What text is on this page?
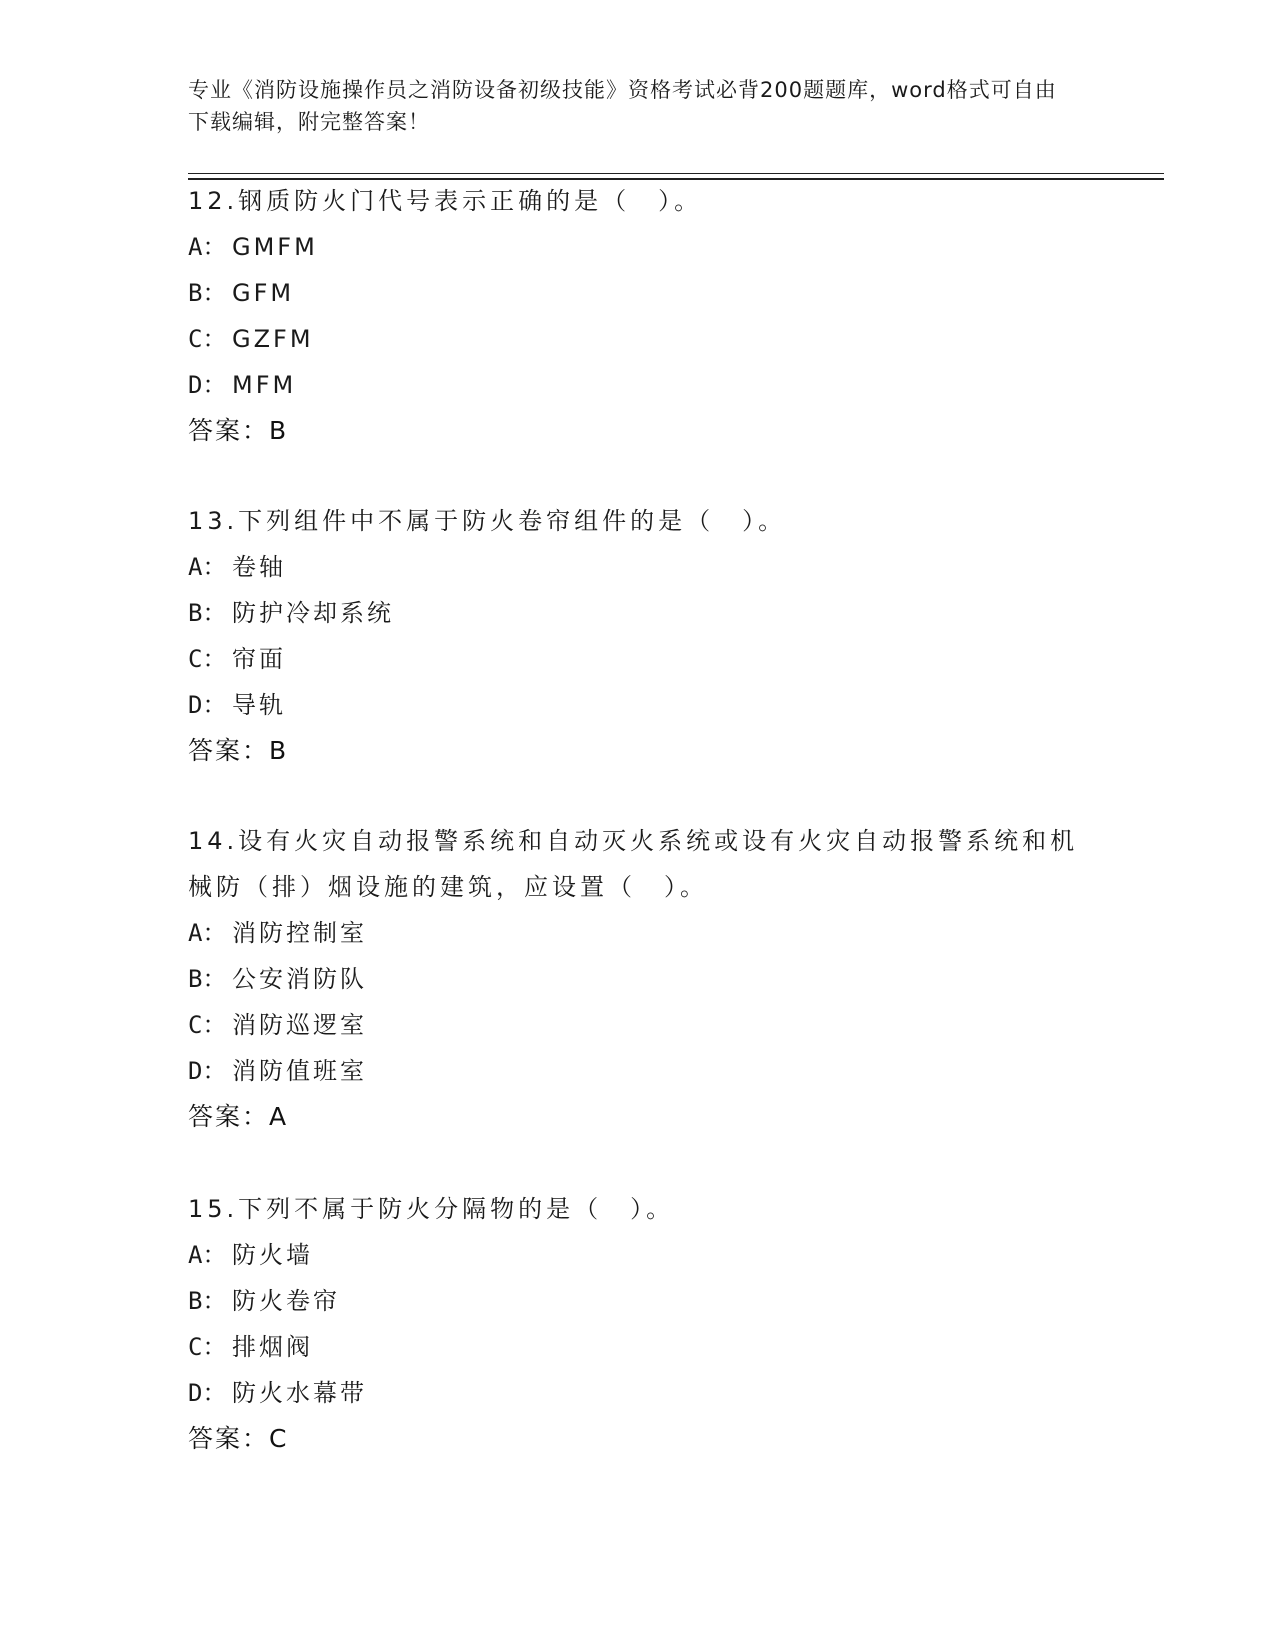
专业《消防设施操作员之消防设备初级技能》资格考试必背200题题库，word格式可自由下载编辑，附完整答案！

12.钢质防火门代号表示正确的是（　）。

A： GMFM

B： GFM

C： GZFM

D： MFM

答案：B

13.下列组件中不属于防火卷帘组件的是（　）。

A： 卷轴

B： 防护冷却系统

C： 帘面

D： 导轨

答案：B

14.设有火灾自动报警系统和自动灭火系统或设有火灾自动报警系统和机械防（排）烟设施的建筑，应设置（　）。

A： 消防控制室

B： 公安消防队

C： 消防巡逻室

D： 消防值班室

答案：A

15.下列不属于防火分隔物的是（　）。

A： 防火墙

B： 防火卷帘

C： 排烟阀

D： 防火水幕带

答案：C
